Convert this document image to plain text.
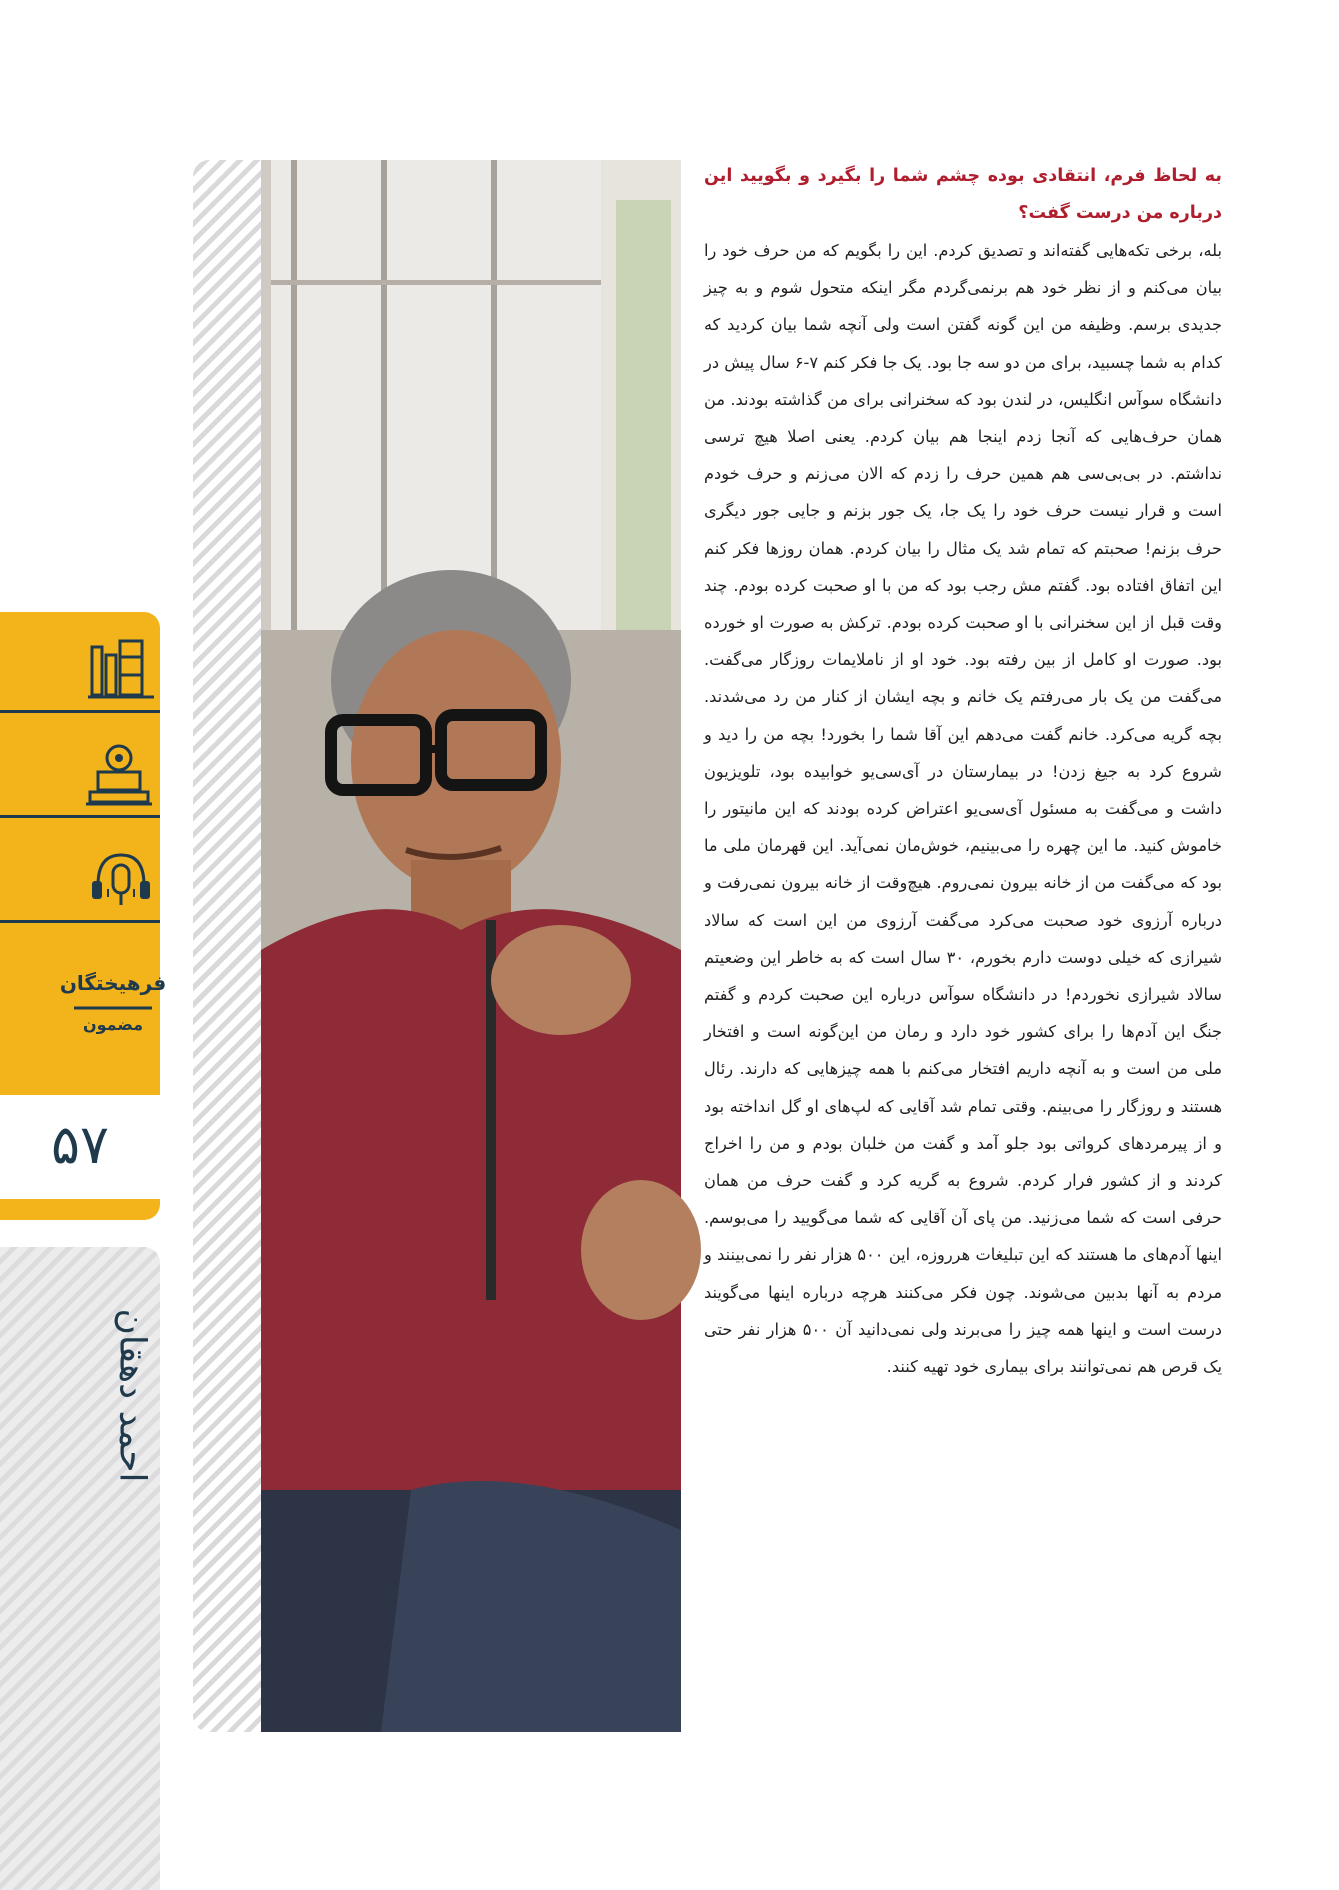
فرهیختگان
مضمون
۵۷
احمد دهقان

به لحاظ فرم، انتقادی بوده چشم شما را بگیرد و بگویید این درباره من درست گفت؟

بله، برخی تکه‌هایی گفته‌اند و تصدیق کردم. این را بگویم که من حرف خود را بیان می‌کنم و از نظر خود هم برنمی‌گردم مگر اینکه متحول شوم و به چیز جدیدی برسم. وظیفه من این گونه گفتن است ولی آنچه شما بیان کردید که کدام به شما چسبید، برای من دو سه جا بود. یک جا فکر کنم ۷-۶ سال پیش در دانشگاه سوآس انگلیس، در لندن بود که سخنرانی برای من گذاشته بودند. من همان حرف‌هایی که آنجا زدم اینجا هم بیان کردم. یعنی اصلا هیچ ترسی نداشتم. در بی‌بی‌سی هم همین حرف را زدم که الان می‌زنم و حرف خودم است و قرار نیست حرف خود را یک جا، یک جور بزنم و جایی جور دیگری حرف بزنم! صحبتم که تمام شد یک مثال را بیان کردم. همان روزها فکر کنم این اتفاق افتاده بود. گفتم مش رجب بود که من با او صحبت کرده بودم. چند وقت قبل از این سخنرانی با او صحبت کرده بودم. ترکش به صورت او خورده بود. صورت او کامل از بین رفته بود. خود او از ناملایمات روزگار می‌گفت. می‌گفت من یک بار می‌رفتم یک خانم و بچه ایشان از کنار من رد می‌شدند. بچه گریه می‌کرد. خانم گفت می‌دهم این آقا شما را بخورد! بچه من را دید و شروع کرد به جیغ زدن! در بیمارستان در آی‌سی‌یو خوابیده بود، تلویزیون داشت و می‌گفت به مسئول آی‌سی‌یو اعتراض کرده بودند که این مانیتور را خاموش کنید. ما این چهره را می‌بینیم، خوش‌مان نمی‌آید. این قهرمان ملی ما بود که می‌گفت من از خانه بیرون نمی‌روم. هیچ‌وقت از خانه بیرون نمی‌رفت و درباره آرزوی خود صحبت می‌کرد می‌گفت آرزوی من این است که سالاد شیرازی که خیلی دوست دارم بخورم، ۳۰ سال است که به خاطر این وضعیتم سالاد شیرازی نخوردم! در دانشگاه سوآس درباره این صحبت کردم و گفتم جنگ این آدم‌ها را برای کشور خود دارد و رمان من این‌گونه است و افتخار ملی من است و به آنچه داریم افتخار می‌کنم با همه چیزهایی که دارند. رئال هستند و روزگار را می‌بینم. وقتی تمام شد آقایی که لپ‌های او گل انداخته بود و از پیرمردهای کرواتی بود جلو آمد و گفت من خلبان بودم و من را اخراج کردند و از کشور فرار کردم. شروع به گریه کرد و گفت حرف من همان حرفی است که شما می‌زنید. من پای آن آقایی که شما می‌گویید را می‌بوسم. اینها آدم‌های ما هستند که این تبلیغات هرروزه، این ۵۰۰ هزار نفر را نمی‌بینند و مردم به آنها بدبین می‌شوند. چون فکر می‌کنند هرچه درباره اینها می‌گویند درست است و اینها همه چیز را می‌برند ولی نمی‌دانید آن ۵۰۰ هزار نفر حتی یک قرص هم نمی‌توانند برای بیماری خود تهیه کنند.
